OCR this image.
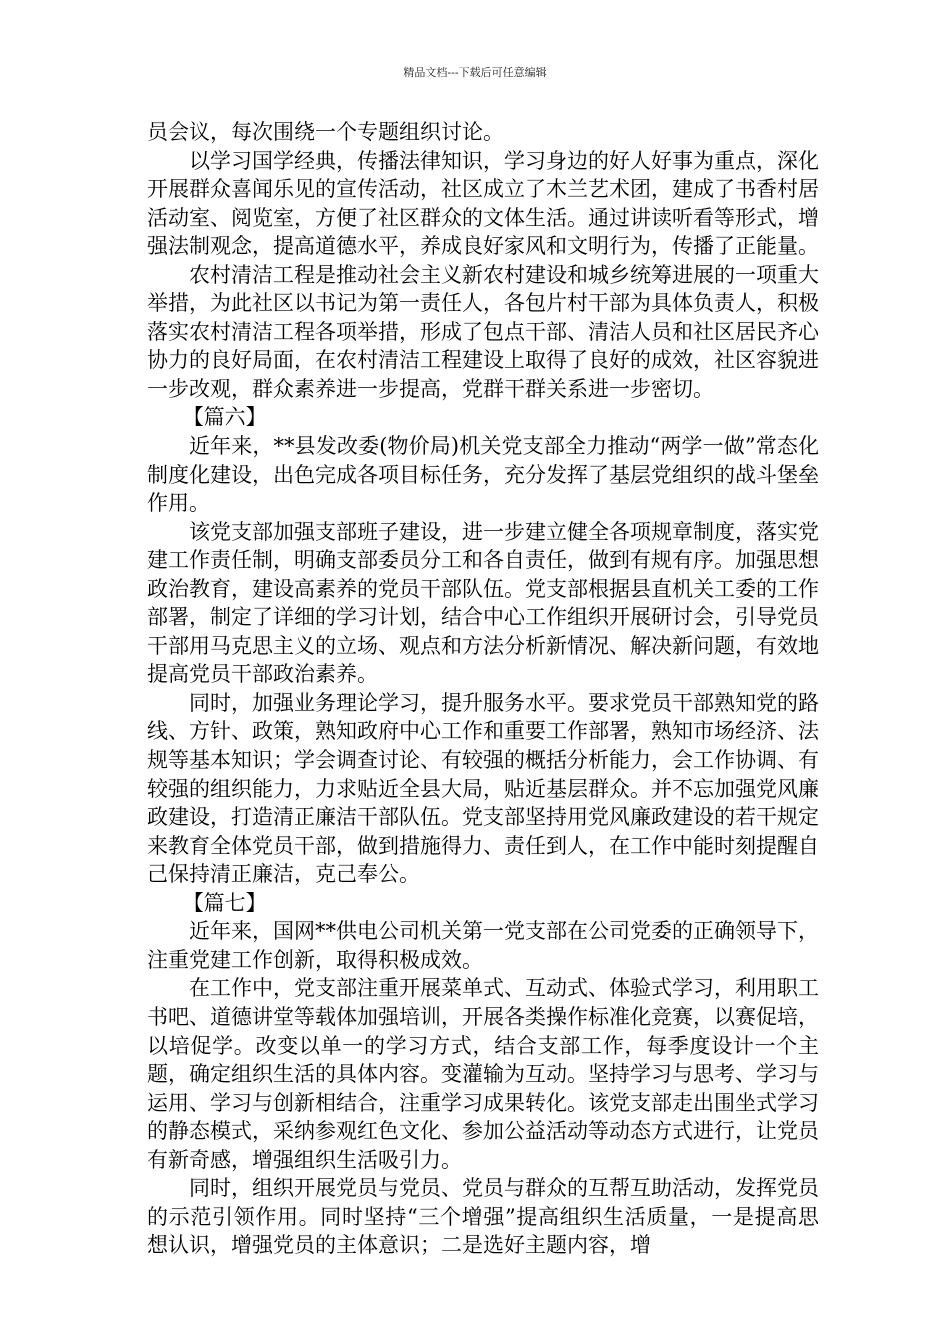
精品文档---下载后可任意编辑

员会议，每次围绕一个专题组织讨论。

以学习国学经典，传播法律知识，学习身边的好人好事为重点，深化开展群众喜闻乐见的宣传活动，社区成立了木兰艺术团，建成了书香村居活动室、阅览室，方便了社区群众的文体生活。通过讲读听看等形式，增强法制观念，提高道德水平，养成良好家风和文明行为，传播了正能量。

农村清洁工程是推动社会主义新农村建设和城乡统筹进展的一项重大举措，为此社区以书记为第一责任人，各包片村干部为具体负责人，积极落实农村清洁工程各项举措，形成了包点干部、清洁人员和社区居民齐心协力的良好局面，在农村清洁工程建设上取得了良好的成效，社区容貌进一步改观，群众素养进一步提高，党群干群关系进一步密切。

【篇六】

近年来，**县发改委(物价局)机关党支部全力推动“两学一做”常态化制度化建设，出色完成各项目标任务，充分发挥了基层党组织的战斗堡垒作用。

该党支部加强支部班子建设，进一步建立健全各项规章制度，落实党建工作责任制，明确支部委员分工和各自责任，做到有规有序。加强思想政治教育，建设高素养的党员干部队伍。党支部根据县直机关工委的工作部署，制定了详细的学习计划，结合中心工作组织开展研讨会，引导党员干部用马克思主义的立场、观点和方法分析新情况、解决新问题，有效地提高党员干部政治素养。

同时，加强业务理论学习，提升服务水平。要求党员干部熟知党的路线、方针、政策，熟知政府中心工作和重要工作部署，熟知市场经济、法规等基本知识；学会调查讨论、有较强的概括分析能力，会工作协调、有较强的组织能力，力求贴近全县大局，贴近基层群众。并不忘加强党风廉政建设，打造清正廉洁干部队伍。党支部坚持用党风廉政建设的若干规定来教育全体党员干部，做到措施得力、责任到人，在工作中能时刻提醒自己保持清正廉洁，克己奉公。

【篇七】

近年来，国网**供电公司机关第一党支部在公司党委的正确领导下，注重党建工作创新，取得积极成效。

在工作中，党支部注重开展菜单式、互动式、体验式学习，利用职工书吧、道德讲堂等载体加强培训，开展各类操作标准化竞赛，以赛促培，以培促学。改变以单一的学习方式，结合支部工作，每季度设计一个主题，确定组织生活的具体内容。变灌输为互动。坚持学习与思考、学习与运用、学习与创新相结合，注重学习成果转化。该党支部走出围坐式学习的静态模式，采纳参观红色文化、参加公益活动等动态方式进行，让党员有新奇感，增强组织生活吸引力。

同时，组织开展党员与党员、党员与群众的互帮互助活动，发挥党员的示范引领作用。同时坚持“三个增强”提高组织生活质量，一是提高思想认识，增强党员的主体意识；二是选好主题内容，增
